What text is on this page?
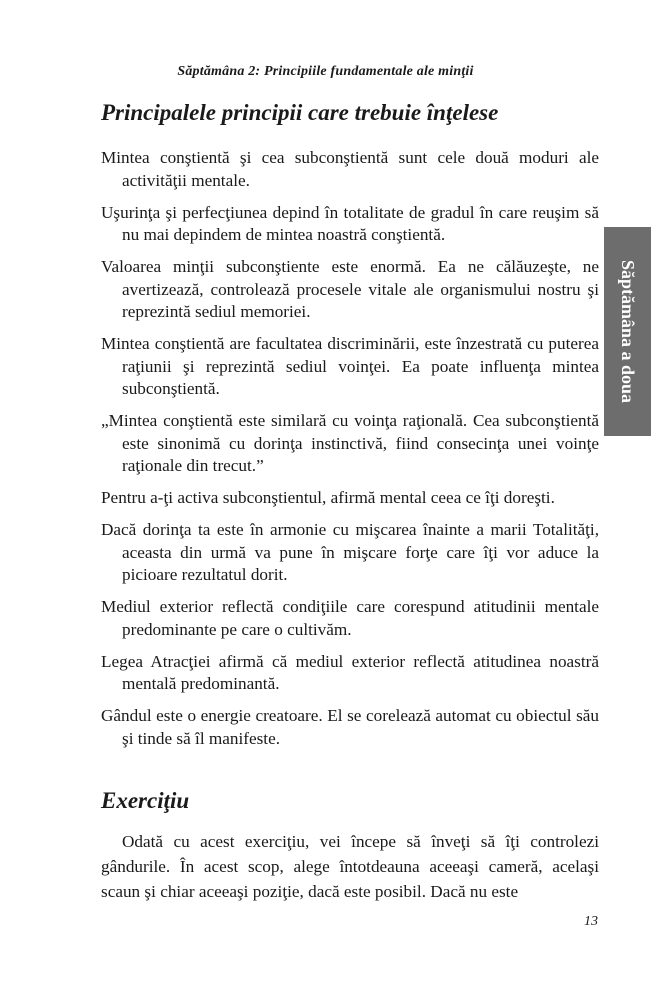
Săptămâna 2: Principiile fundamentale ale minţii
Principalele principii care trebuie înţelese
Mintea conştientă şi cea subconştientă sunt cele două moduri ale activităţii mentale.
Uşurinţa şi perfecţiunea depind în totalitate de gradul în care reuşim să nu mai depindem de mintea noastră conştientă.
Valoarea minţii subconştiente este enormă. Ea ne călăuzeşte, ne avertizează, controlează procesele vitale ale organismului nostru şi reprezintă sediul memoriei.
Mintea conştientă are facultatea discriminării, este înzestrată cu puterea raţiunii şi reprezintă sediul voinţei. Ea poate influenţa mintea subconştientă.
„Mintea conştientă este similară cu voinţa raţională. Cea subconştientă este sinonimă cu dorinţa instinctivă, fiind consecinţa unei voinţe raţionale din trecut.”
Pentru a-ţi activa subconştientul, afirmă mental ceea ce îţi doreşti.
Dacă dorinţa ta este în armonie cu mişcarea înainte a marii Totalităţi, aceasta din urmă va pune în mişcare forţe care îţi vor aduce la picioare rezultatul dorit.
Mediul exterior reflectă condiţiile care corespund atitudinii mentale predominante pe care o cultivăm.
Legea Atracţiei afirmă că mediul exterior reflectă atitudinea noastră mentală predominantă.
Gândul este o energie creatoare. El se corelează automat cu obiectul său şi tinde să îl manifeste.
Exerciţiu

Odată cu acest exerciţiu, vei începe să înveţi să îţi controlezi gândurile. În acest scop, alege întotdeauna aceeaşi cameră, acelaşi scaun şi chiar aceeaşi poziţie, dacă este posibil. Dacă nu este

13
Săptămâna a doua
